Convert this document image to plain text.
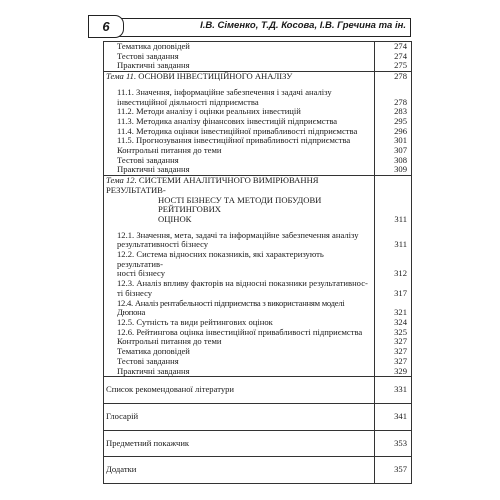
І.В. Сіменко, Т.Д. Косова, І.В. Гречина та ін.
6
Тематика доповідей	274
Тестові завдання	274
Практичні завдання	275
Тема 11. ОСНОВИ ІНВЕСТИЦІЙНОГО АНАЛІЗУ	278
11.1. Значення, інформаційне забезпечення і задачі аналізу
інвестиційної діяльності підприємства	278
11.2. Методи аналізу і оцінки реальних інвестицій	283
11.3. Методика аналізу фінансових інвестицій підприємства	295
11.4. Методика оцінки інвестиційної привабливості підприємства	296
11.5. Прогнозування інвестиційної привабливості підприємства	301
Контрольні питання до теми	307
Тестові завдання	308
Практичні завдання	309
Тема 12. СИСТЕМИ АНАЛІТИЧНОГО ВИМІРЮВАННЯ РЕЗУЛЬТАТИВ-
НОСТІ БІЗНЕСУ ТА МЕТОДИ ПОБУДОВИ РЕЙТИНГОВИХ
ОЦІНОК	311
12.1. Значення, мета, задачі та інформаційне забезпечення аналізу
результативності бізнесу	311
12.2. Система відносних показників, які характеризують результатив-
ності бізнесу	312
12.3. Аналіз впливу факторів на відносні показники результативнос-
ті бізнесу	317
12.4. Аналіз рентабельності підприємства з використанням моделі Дюпона	321
12.5. Сутність та види рейтингових оцінок	324
12.6. Рейтингова оцінка інвестиційної привабливості підприємства	325
Контрольні питання до теми	327
Тематика доповідей	327
Тестові завдання	327
Практичні завдання	329
Список рекомендованої літератури	331
Глосарій	341
Предметний покажчик	353
Додатки	357
